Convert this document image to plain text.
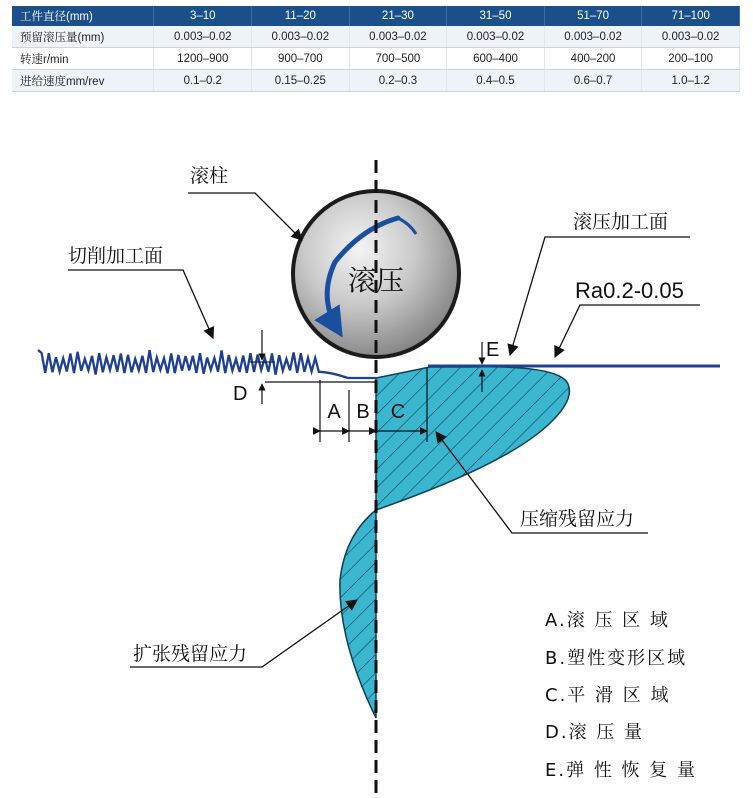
工件直径(mm)	3–10	11–20	21–30	31–50	51–70	71–100
预留滚压量(mm)	0.003–0.02	0.003–0.02	0.003–0.02	0.003–0.02	0.003–0.02	0.003–0.02
转速r/min	1200–900	900–700	700–500	600–400	400–200	200–100
进给速度mm/rev	0.1–0.2	0.15–0.25	0.2–0.3	0.4–0.5	0.6–0.7	1.0–1.2
滚压
A B C
D
E
滚柱
切削加工面
滚压加工面
Ra0.2-0.05
压缩残留应力
扩张残留应力
A.滚 压 区 域
B.塑性变形区域
C.平 滑 区 域
D.滚 压 量
E.弹 性 恢 复 量
